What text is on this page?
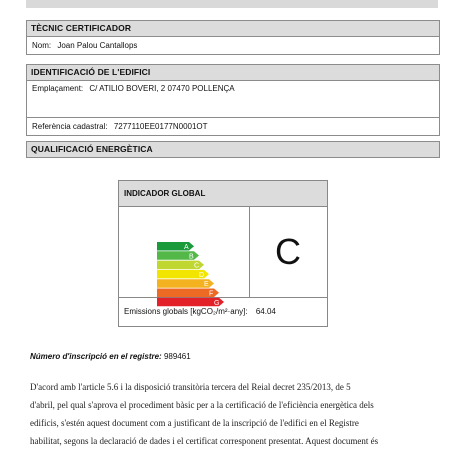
TÈCNIC CERTIFICADOR
Nom: Joan Palou Cantallops
IDENTIFICACIÓ DE L'EDIFICI
Emplaçament: C/ ATILIO BOVERI, 2 07470 POLLENÇA
Referència cadastral: 7277110EE0177N0001OT
QUALIFICACIÓ ENERGÈTICA
INDICADOR GLOBAL
A
B
C
D
E
F
G
C
Emissions globals [kgCO₂/m²·any]: 64.04
Número d'inscripció en el registre: 989461
D'acord amb l'article 5.6 i la disposició transitòria tercera del Reial decret 235/2013, de 5
d'abril, pel qual s'aprova el procediment bàsic per a la certificació de l'eficiència energètica dels
edificis, s'estén aquest document com a justificant de la inscripció de l'edifici en el Registre
habilitat, segons la declaració de dades i el certificat corresponent presentat. Aquest document és
